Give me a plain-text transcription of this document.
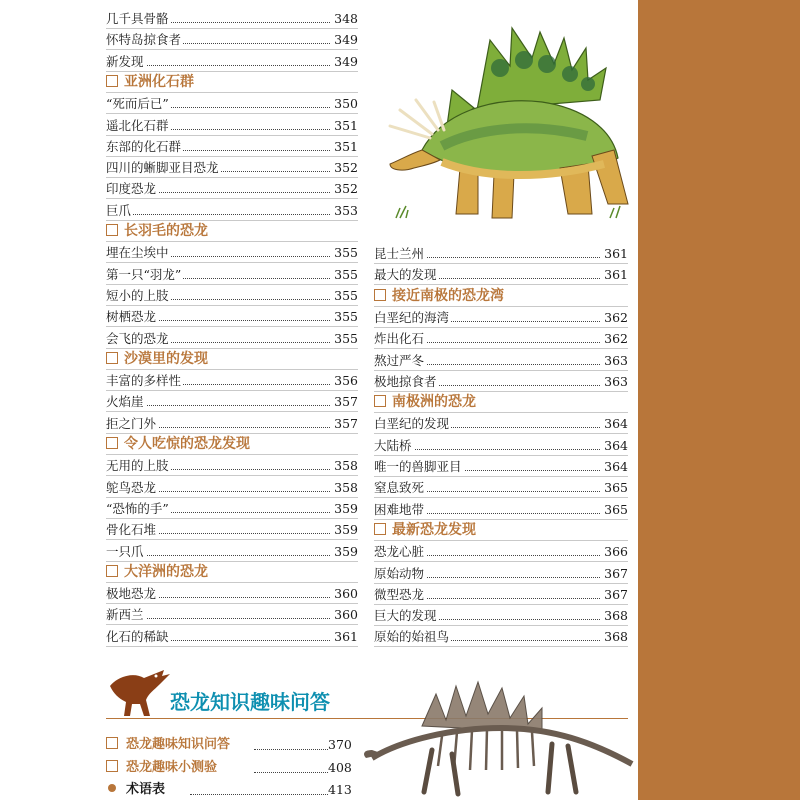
几千具骨骼	348
怀特岛掠食者	349
新发现	349
亚洲化石群
“死而后已”	350
遥北化石群	351
东部的化石群	351
四川的蜥脚亚目恐龙	352
印度恐龙	352
巨爪	353
长羽毛的恐龙
埋在尘埃中	355
第一只“羽龙”	355
短小的上肢	355
树栖恐龙	355
会飞的恐龙	355
沙漠里的发现
丰富的多样性	356
火焰崖	357
拒之门外	357
令人吃惊的恐龙发现
无用的上肢	358
鸵鸟恐龙	358
“恐怖的手”	359
骨化石堆	359
一只爪	359
大洋洲的恐龙
极地恐龙	360
新西兰	360
化石的稀缺	361
昆士兰州	361
最大的发现	361
接近南极的恐龙湾
白垩纪的海湾	362
炸出化石	362
熬过严冬	363
极地掠食者	363
南极洲的恐龙
白垩纪的发现	364
大陆桥	364
唯一的兽脚亚目	364
窒息致死	365
困难地带	365
最新恐龙发现
恐龙心脏	366
原始动物	367
微型恐龙	367
巨大的发现	368
原始的始祖鸟	368
恐龙知识趣味问答
恐龙趣味知识问答	370
恐龙趣味小测验	408
术语表	413
